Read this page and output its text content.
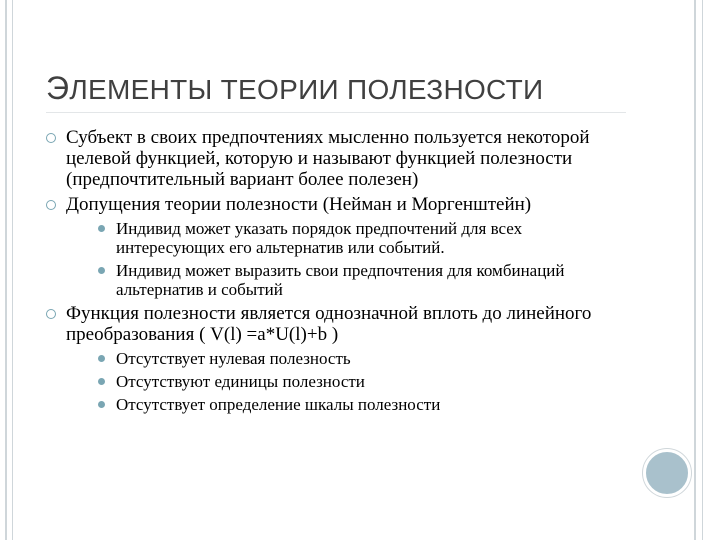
ЭЛЕМЕНТЫ ТЕОРИИ ПОЛЕЗНОСТИ
Субъект в своих предпочтениях мысленно пользуется некоторой целевой функцией, которую и называют функцией полезности (предпочтительный вариант более полезен)
Допущения теории полезности (Нейман и Моргенштейн)
Индивид может указать порядок предпочтений для всех интересующих его альтернатив или событий.
Индивид может выразить свои предпочтения для комбинаций альтернатив и событий
Функция полезности является однозначной вплоть до линейного преобразования ( V(l) =a*U(l)+b )
Отсутствует нулевая полезность
Отсутствуют единицы полезности
Отсутствует определение шкалы полезности
